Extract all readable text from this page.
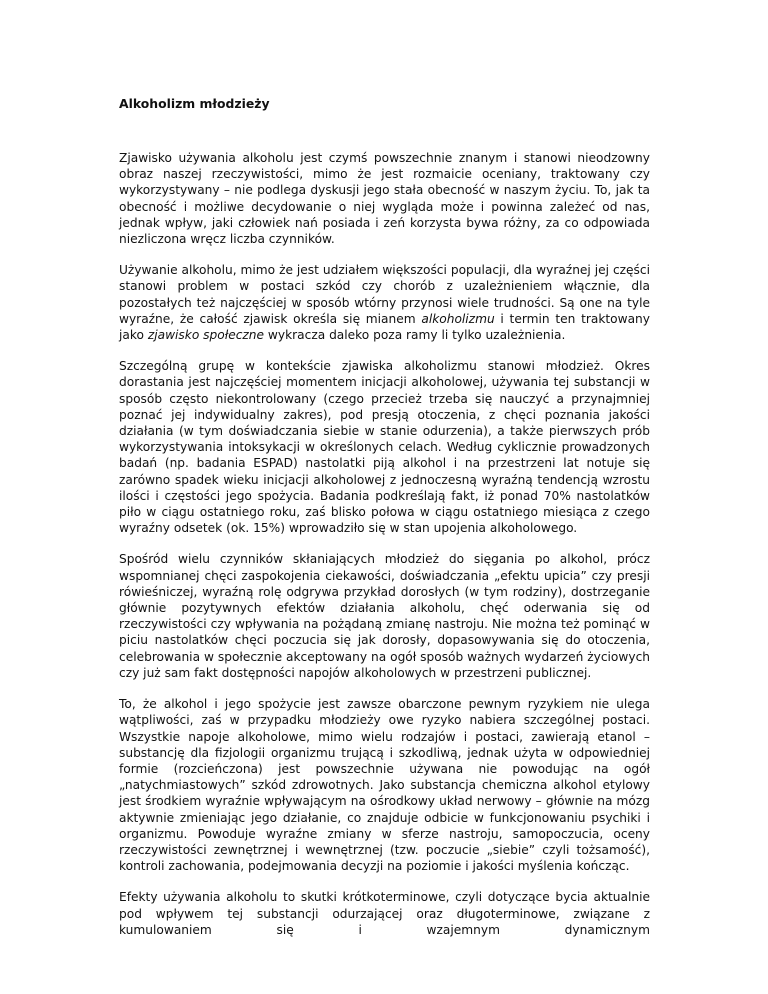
Alkoholizm młodzieży

Zjawisko używania alkoholu jest czymś powszechnie znanym i stanowi nieodzowny obraz naszej rzeczywistości, mimo że jest rozmaicie oceniany, traktowany czy wykorzystywany – nie podlega dyskusji jego stała obecność w naszym życiu. To, jak ta obecność i możliwe decydowanie o niej wygląda może i powinna zależeć od nas, jednak wpływ, jaki człowiek nań posiada i zeń korzysta bywa różny, za co odpowiada niezliczona wręcz liczba czynników.

Używanie alkoholu, mimo że jest udziałem większości populacji, dla wyraźnej jej części stanowi problem w postaci szkód czy chorób z uzależnieniem włącznie, dla pozostałych też najczęściej w sposób wtórny przynosi wiele trudności. Są one na tyle wyraźne, że całość zjawisk określa się mianem alkoholizmu i termin ten traktowany jako zjawisko społeczne wykracza daleko poza ramy li tylko uzależnienia.

Szczególną grupę w kontekście zjawiska alkoholizmu stanowi młodzież. Okres dorastania jest najczęściej momentem inicjacji alkoholowej, używania tej substancji w sposób często niekontrolowany (czego przecież trzeba się nauczyć a przynajmniej poznać jej indywidualny zakres), pod presją otoczenia, z chęci poznania jakości działania (w tym doświadczania siebie w stanie odurzenia), a także pierwszych prób wykorzystywania intoksykacji w określonych celach. Według cyklicznie prowadzonych badań (np. badania ESPAD) nastolatki piją alkohol i na przestrzeni lat notuje się zarówno spadek wieku inicjacji alkoholowej z jednoczesną wyraźną tendencją wzrostu ilości i częstości jego spożycia. Badania podkreślają fakt, iż ponad 70% nastolatków piło w ciągu ostatniego roku, zaś blisko połowa w ciągu ostatniego miesiąca z czego wyraźny odsetek (ok. 15%) wprowadziło się w stan upojenia alkoholowego.

Spośród wielu czynników skłaniających młodzież do sięgania po alkohol, prócz wspomnianej chęci zaspokojenia ciekawości, doświadczania „efektu upicia” czy presji rówieśniczej, wyraźną rolę odgrywa przykład dorosłych (w tym rodziny), dostrzeganie głównie pozytywnych efektów działania alkoholu, chęć oderwania się od rzeczywistości czy wpływania na pożądaną zmianę nastroju. Nie można też pominąć w piciu nastolatków chęci poczucia się jak dorosły, dopasowywania się do otoczenia, celebrowania w społecznie akceptowany na ogół sposób ważnych wydarzeń życiowych czy już sam fakt dostępności napojów alkoholowych w przestrzeni publicznej.

To, że alkohol i jego spożycie jest zawsze obarczone pewnym ryzykiem nie ulega wątpliwości, zaś w przypadku młodzieży owe ryzyko nabiera szczególnej postaci. Wszystkie napoje alkoholowe, mimo wielu rodzajów i postaci, zawierają etanol – substancję dla fizjologii organizmu trującą i szkodliwą, jednak użyta w odpowiedniej formie (rozcieńczona) jest powszechnie używana nie powodując na ogół „natychmiastowych” szkód zdrowotnych. Jako substancja chemiczna alkohol etylowy jest środkiem wyraźnie wpływającym na ośrodkowy układ nerwowy – głównie na mózg aktywnie zmieniając jego działanie, co znajduje odbicie w funkcjonowaniu psychiki i organizmu. Powoduje wyraźne zmiany w sferze nastroju, samopoczucia, oceny rzeczywistości zewnętrznej i wewnętrznej (tzw. poczucie „siebie” czyli tożsamość), kontroli zachowania, podejmowania decyzji na poziomie i jakości myślenia kończąc.

Efekty używania alkoholu to skutki krótkoterminowe, czyli dotyczące bycia aktualnie pod wpływem tej substancji odurzającej oraz długoterminowe, związane z kumulowaniem się i wzajemnym dynamicznym
